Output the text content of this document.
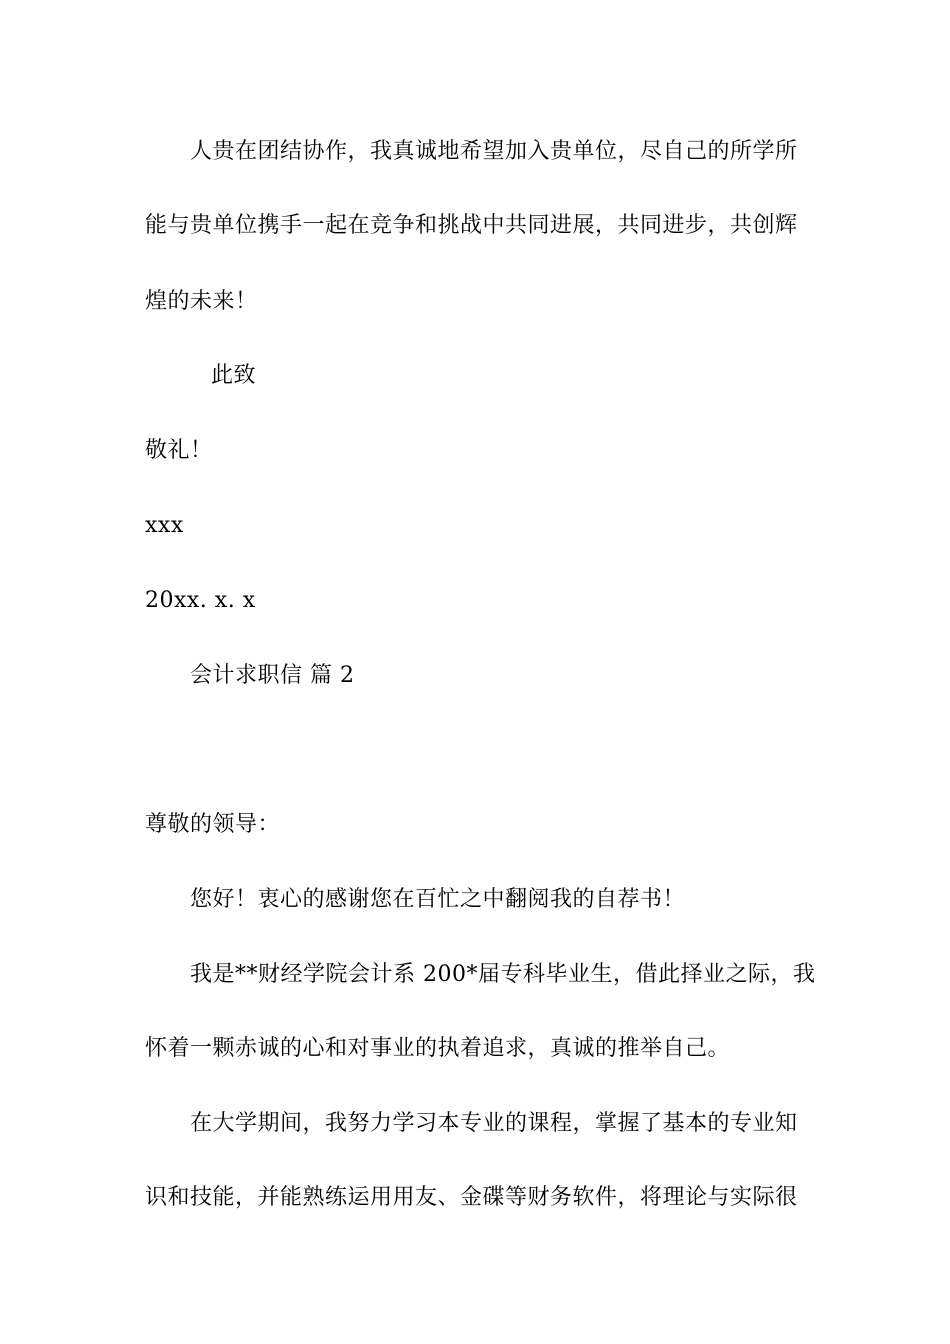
人贵在团结协作，我真诚地希望加入贵单位，尽自己的所学所
能与贵单位携手一起在竞争和挑战中共同进展，共同进步，共创辉
煌的未来！
此致
敬礼！
xxx
20xx. x. x
会计求职信 篇 2
尊敬的领导：
您好！衷心的感谢您在百忙之中翻阅我的自荐书！
我是**财经学院会计系 200*届专科毕业生，借此择业之际，我
怀着一颗赤诚的心和对事业的执着追求，真诚的推举自己。
在大学期间，我努力学习本专业的课程，掌握了基本的专业知
识和技能，并能熟练运用用友、金碟等财务软件，将理论与实际很
